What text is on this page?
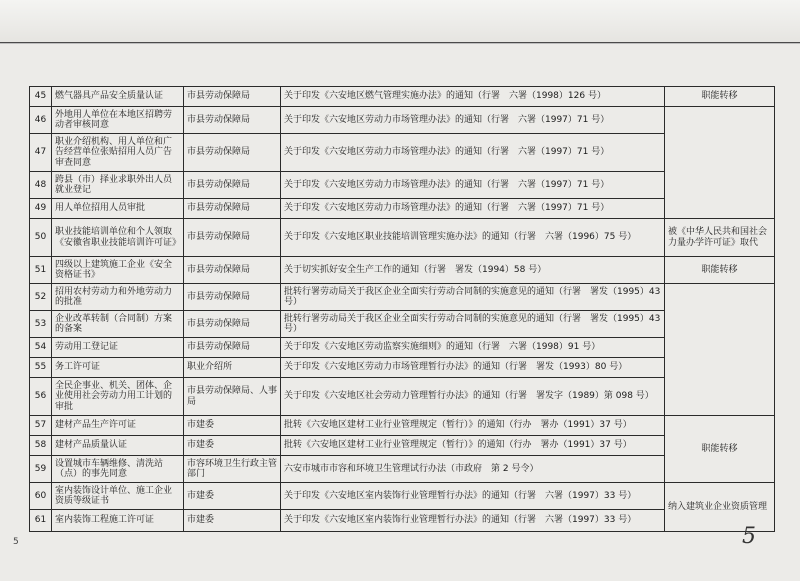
45	燃气器具产品安全质量认证	市县劳动保障局	关于印发《六安地区燃气管理实施办法》的通知（行署　六署（1998）126 号）	职能转移
46	外地用人单位在本地区招聘劳动者审核同意	市县劳动保障局	关于印发《六安地区劳动力市场管理办法》的通知（行署　六署（1997）71 号）	
47	职业介绍机构、用人单位和广告经营单位张贴招用人员广告审查同意	市县劳动保障局	关于印发《六安地区劳动力市场管理办法》的通知（行署　六署（1997）71 号）	
48	跨县（市）择业求职外出人员就业登记	市县劳动保障局	关于印发《六安地区劳动力市场管理办法》的通知（行署　六署（1997）71 号）	
49	用人单位招用人员审批	市县劳动保障局	关于印发《六安地区劳动力市场管理办法》的通知（行署　六署（1997）71 号）	
50	职业技能培训单位和个人领取《安徽省职业技能培训许可证》	市县劳动保障局	关于印发《六安地区职业技能培训管理实施办法》的通知（行署　六署（1996）75 号）	被《中华人民共和国社会力量办学许可证》取代
51	四级以上建筑施工企业《安全资格证书》	市县劳动保障局	关于切实抓好安全生产工作的通知（行署　署发（1994）58 号）	职能转移
52	招用农村劳动力和外地劳动力的批准	市县劳动保障局	批转行署劳动局关于我区企业全面实行劳动合同制的实施意见的通知（行署　署发（1995）43 号）	
53	企业改革转制（合同制）方案的备案	市县劳动保障局	批转行署劳动局关于我区企业全面实行劳动合同制的实施意见的通知（行署　署发（1995）43 号）	
54	劳动用工登记证	市县劳动保障局	关于印发《六安地区劳动监察实施细则》的通知（行署　六署（1998）91 号）	
55	务工许可证	职业介绍所	关于印发《六安地区劳动力市场管理暂行办法》的通知（行署　署发（1993）80 号）	
56	全民企事业、机关、团体、企业使用社会劳动力用工计划的审批	市县劳动保障局、人事局	关于印发《六安地区社会劳动力管理暂行办法》的通知（行署　署发字（1989）第 098 号）	
57	建材产品生产许可证	市建委	批转《六安地区建材工业行业管理规定（暂行）》的通知（行办　署办（1991）37 号）	职能转移
58	建材产品质量认证	市建委	批转《六安地区建材工业行业管理规定（暂行）》的通知（行办　署办（1991）37 号）	
59	设置城市车辆维修、清洗站（点）的事先同意	市容环境卫生行政主管部门	六安市城市市容和环境卫生管理试行办法（市政府　第 2 号令）	
60	室内装饰设计单位、施工企业资质等级证书	市建委	关于印发《六安地区室内装饰行业管理暂行办法》的通知（行署　六署（1997）33 号）	纳入建筑业企业资质管理
61	室内装饰工程施工许可证	市建委	关于印发《六安地区室内装饰行业管理暂行办法》的通知（行署　六署（1997）33 号）	
5	5
